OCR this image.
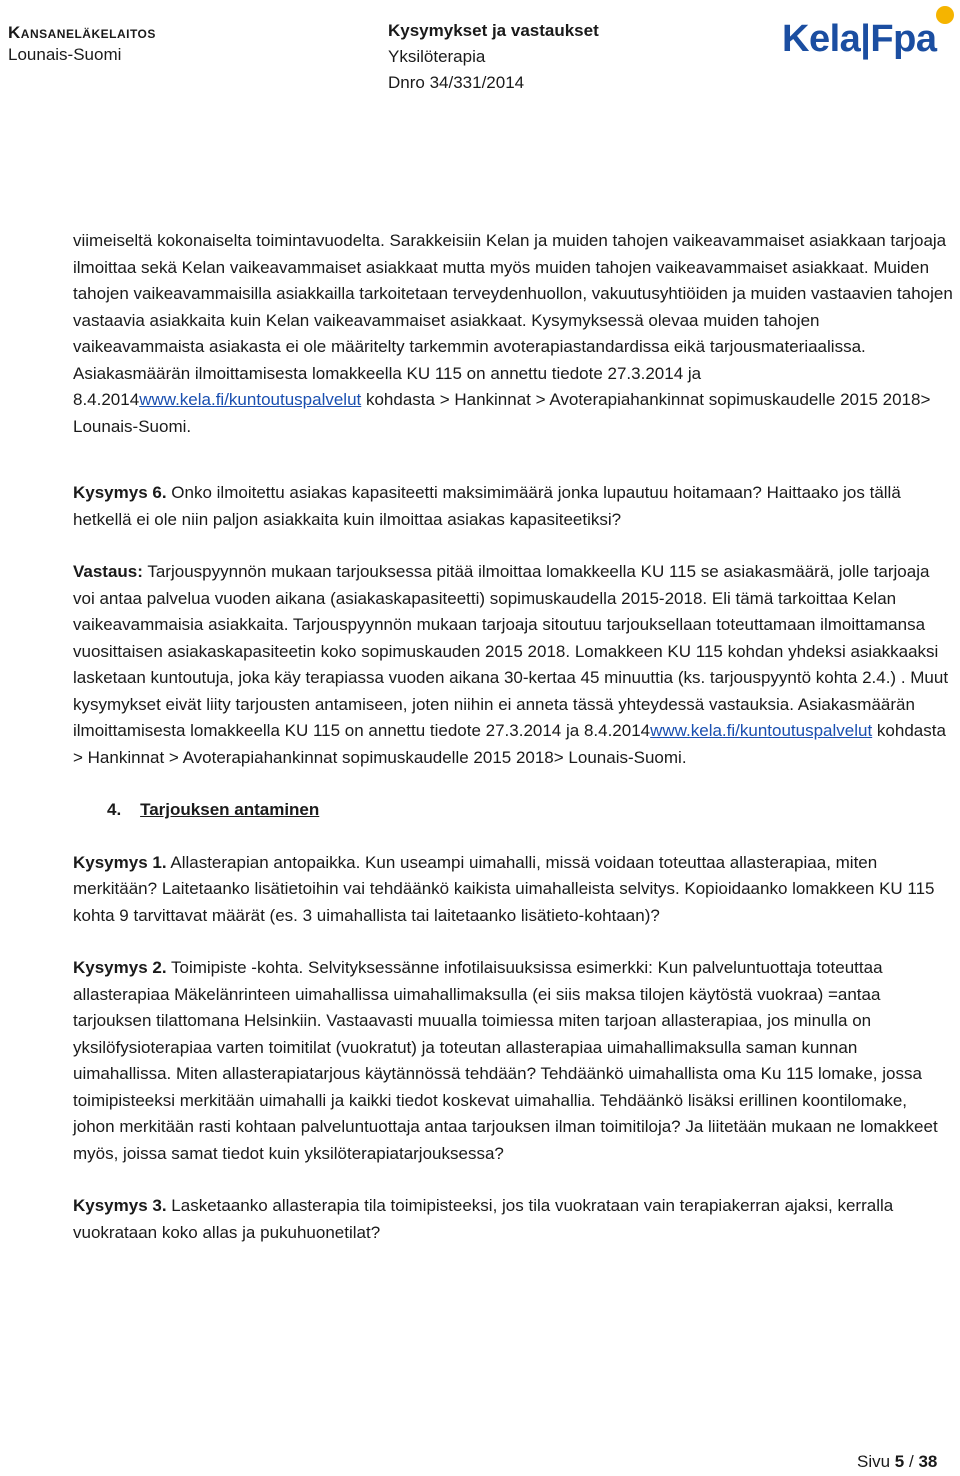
Kansaneläkelaitos
Lounais-Suomi
Kysymykset ja vastaukset
Yksilöterapia
Dnro 34/331/2014
Kela|Fpa

viimeiseltä kokonaiselta toimintavuodelta. Sarakkeisiin Kelan ja muiden tahojen vaikeavammaiset asiakkaan tarjoaja ilmoittaa sekä Kelan vaikeavammaiset asiakkaat mutta myös muiden tahojen vaikeavammaiset asiakkaat. Muiden tahojen vaikeavammaisilla asiakkailla tarkoitetaan terveydenhuollon, vakuutusyhtiöiden ja muiden vastaavien tahojen vastaavia asiakkaita kuin Kelan vaikeavammaiset asiakkaat. Kysymyksessä olevaa muiden tahojen vaikeavammaista asiakasta ei ole määritelty tarkemmin avoterapiastandardissa eikä tarjousmateriaalissa. Asiakasmäärän ilmoittamisesta lomakkeella KU 115 on annettu tiedote 27.3.2014 ja 8.4.2014www.kela.fi/kuntoutuspalvelut kohdasta > Hankinnat > Avoterapiahankinnat sopimuskaudelle 2015 2018> Lounais-Suomi.

Kysymys 6. Onko ilmoitettu asiakas kapasiteetti maksimimäärä jonka lupautuu hoitamaan? Haittaako jos tällä hetkellä ei ole niin paljon asiakkaita kuin ilmoittaa asiakas kapasiteetiksi?

Vastaus: Tarjouspyynnön mukaan tarjouksessa pitää ilmoittaa lomakkeella KU 115 se asiakasmäärä, jolle tarjoaja voi antaa palvelua vuoden aikana (asiakaskapasiteetti) sopimuskaudella 2015-2018. Eli tämä tarkoittaa Kelan vaikeavammaisia asiakkaita. Tarjouspyynnön mukaan tarjoaja sitoutuu tarjouksellaan toteuttamaan ilmoittamansa vuosittaisen asiakaskapasiteetin koko sopimuskauden 2015 2018. Lomakkeen KU 115 kohdan yhdeksi asiakkaaksi lasketaan kuntoutuja, joka käy terapiassa vuoden aikana 30-kertaa 45 minuuttia (ks. tarjouspyyntö kohta 2.4.) . Muut kysymykset eivät liity tarjousten antamiseen, joten niihin ei anneta tässä yhteydessä vastauksia. Asiakasmäärän ilmoittamisesta lomakkeella KU 115 on annettu tiedote 27.3.2014 ja 8.4.2014www.kela.fi/kuntoutuspalvelut kohdasta > Hankinnat > Avoterapiahankinnat sopimuskaudelle 2015 2018> Lounais-Suomi.

4. Tarjouksen antaminen

Kysymys 1. Allasterapian antopaikka. Kun useampi uimahalli, missä voidaan toteuttaa allasterapiaa, miten merkitään? Laitetaanko lisätietoihin vai tehdäänkö kaikista uimahalleista selvitys. Kopioidaanko lomakkeen KU 115 kohta 9 tarvittavat määrät (es. 3 uimahallista tai laitetaanko lisätieto-kohtaan)?

Kysymys 2. Toimipiste -kohta. Selvityksessänne infotilaisuuksissa esimerkki: Kun palveluntuottaja toteuttaa allasterapiaa Mäkelänrinteen uimahallissa uimahallimaksulla (ei siis maksa tilojen käytöstä vuokraa) =antaa tarjouksen tilattomana Helsinkiin. Vastaavasti muualla toimiessa miten tarjoan allasterapiaa, jos minulla on yksilöfysioterapiaa varten toimitilat (vuokratut) ja toteutan allasterapiaa uimahallimaksulla saman kunnan uimahallissa. Miten allasterapiatarjous käytännössä tehdään? Tehdäänkö uimahallista oma Ku 115 lomake, jossa toimipisteeksi merkitään uimahalli ja kaikki tiedot koskevat uimahallia. Tehdäänkö lisäksi erillinen koontilomake, johon merkitään rasti kohtaan palveluntuottaja antaa tarjouksen ilman toimitiloja? Ja liitetään mukaan ne lomakkeet myös, joissa samat tiedot kuin yksilöterapiatarjouksessa?

Kysymys 3. Lasketaanko allasterapia tila toimipisteeksi, jos tila vuokrataan vain terapiakerran ajaksi, kerralla vuokrataan koko allas ja pukuhuonetilat?

Sivu 5 / 38
